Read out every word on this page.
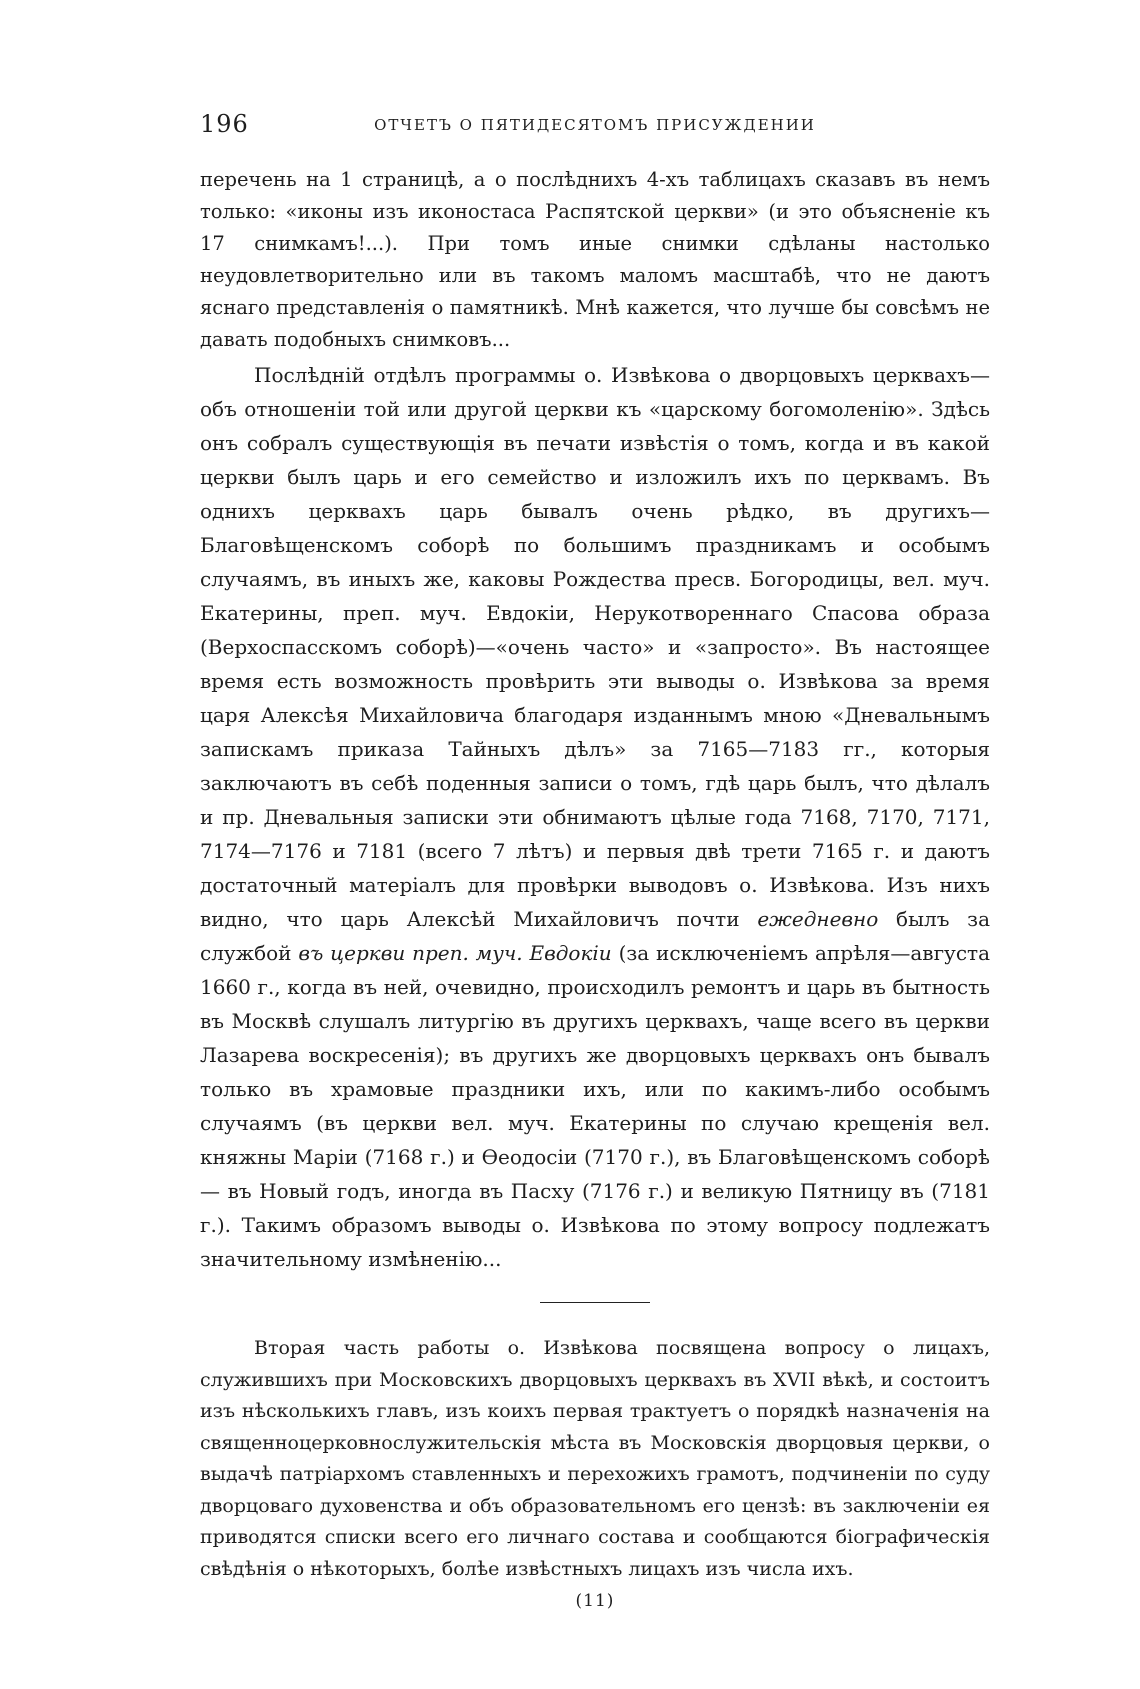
196	ОТЧЕТЪ О ПЯТИДЕСЯТОМЪ ПРИСУЖДЕНИИ

перечень на 1 страницѣ, а о послѣднихъ 4-хъ таблицахъ сказавъ въ немъ только: «иконы изъ иконостаса Распятской церкви» (и это объясненіе къ 17 снимкамъ!...). При томъ иные снимки сдѣланы настолько неудовлетворительно или въ такомъ маломъ масштабѣ, что не даютъ яснаго представленія о памятникѣ. Мнѣ кажется, что лучше бы совсѣмъ не давать подобныхъ снимковъ...

Послѣдній отдѣлъ программы о. Извѣкова о дворцовыхъ церквахъ— объ отношеніи той или другой церкви къ «царскому богомоленію». Здѣсь онъ собралъ существующія въ печати извѣстія о томъ, когда и въ какой церкви былъ царь и его семейство и изложилъ ихъ по церквамъ. Въ однихъ церквахъ царь бывалъ очень рѣдко, въ другихъ—Благовѣщенскомъ соборѣ по большимъ праздникамъ и особымъ случаямъ, въ иныхъ же, каковы Рождества пресв. Богородицы, вел. муч. Екатерины, преп. муч. Евдокіи, Нерукотвореннаго Спасова образа (Верхоспасскомъ соборѣ)—«очень часто» и «запросто». Въ настоящее время есть возможность провѣрить эти выводы о. Извѣкова за время царя Алексѣя Михайловича благодаря изданнымъ мною «Дневальнымъ запискамъ приказа Тайныхъ дѣлъ» за 7165—7183 гг., которыя заключаютъ въ себѣ поденныя записи о томъ, гдѣ царь былъ, что дѣлалъ и пр. Дневальныя записки эти обнимаютъ цѣлые года 7168, 7170, 7171, 7174—7176 и 7181 (всего 7 лѣтъ) и первыя двѣ трети 7165 г. и даютъ достаточный матеріалъ для провѣрки выводовъ о. Извѣкова. Изъ нихъ видно, что царь Алексѣй Михайловичъ почти ежедневно былъ за службой въ церкви преп. муч. Евдокіи (за исключеніемъ апрѣля—августа 1660 г., когда въ ней, очевидно, происходилъ ремонтъ и царь въ бытность въ Москвѣ слушалъ литургію въ другихъ церквахъ, чаще всего въ церкви Лазарева воскресенія); въ другихъ же дворцовыхъ церквахъ онъ бывалъ только въ храмовые праздники ихъ, или по какимъ-либо особымъ случаямъ (въ церкви вел. муч. Екатерины по случаю крещенія вел. княжны Маріи (7168 г.) и Ѳеодосіи (7170 г.), въ Благовѣщенскомъ соборѣ — въ Новый годъ, иногда въ Пасху (7176 г.) и великую Пятницу въ (7181 г.). Такимъ образомъ выводы о. Извѣкова по этому вопросу подлежатъ значительному измѣненію...

Вторая часть работы о. Извѣкова посвящена вопросу о лицахъ, служившихъ при Московскихъ дворцовыхъ церквахъ въ XVII вѣкѣ, и состоитъ изъ нѣсколькихъ главъ, изъ коихъ первая трактуетъ о порядкѣ назначенія на священноцерковнослужительскія мѣста въ Московскія дворцовыя церкви, о выдачѣ патріархомъ ставленныхъ и перехожихъ грамотъ, подчиненіи по суду дворцоваго духовенства и объ образовательномъ его цензѣ: въ заключеніи ея приводятся списки всего его личнаго состава и сообщаются біографическія свѣдѣнія о нѣкоторыхъ, болѣе извѣстныхъ лицахъ изъ числа ихъ.

(11)
